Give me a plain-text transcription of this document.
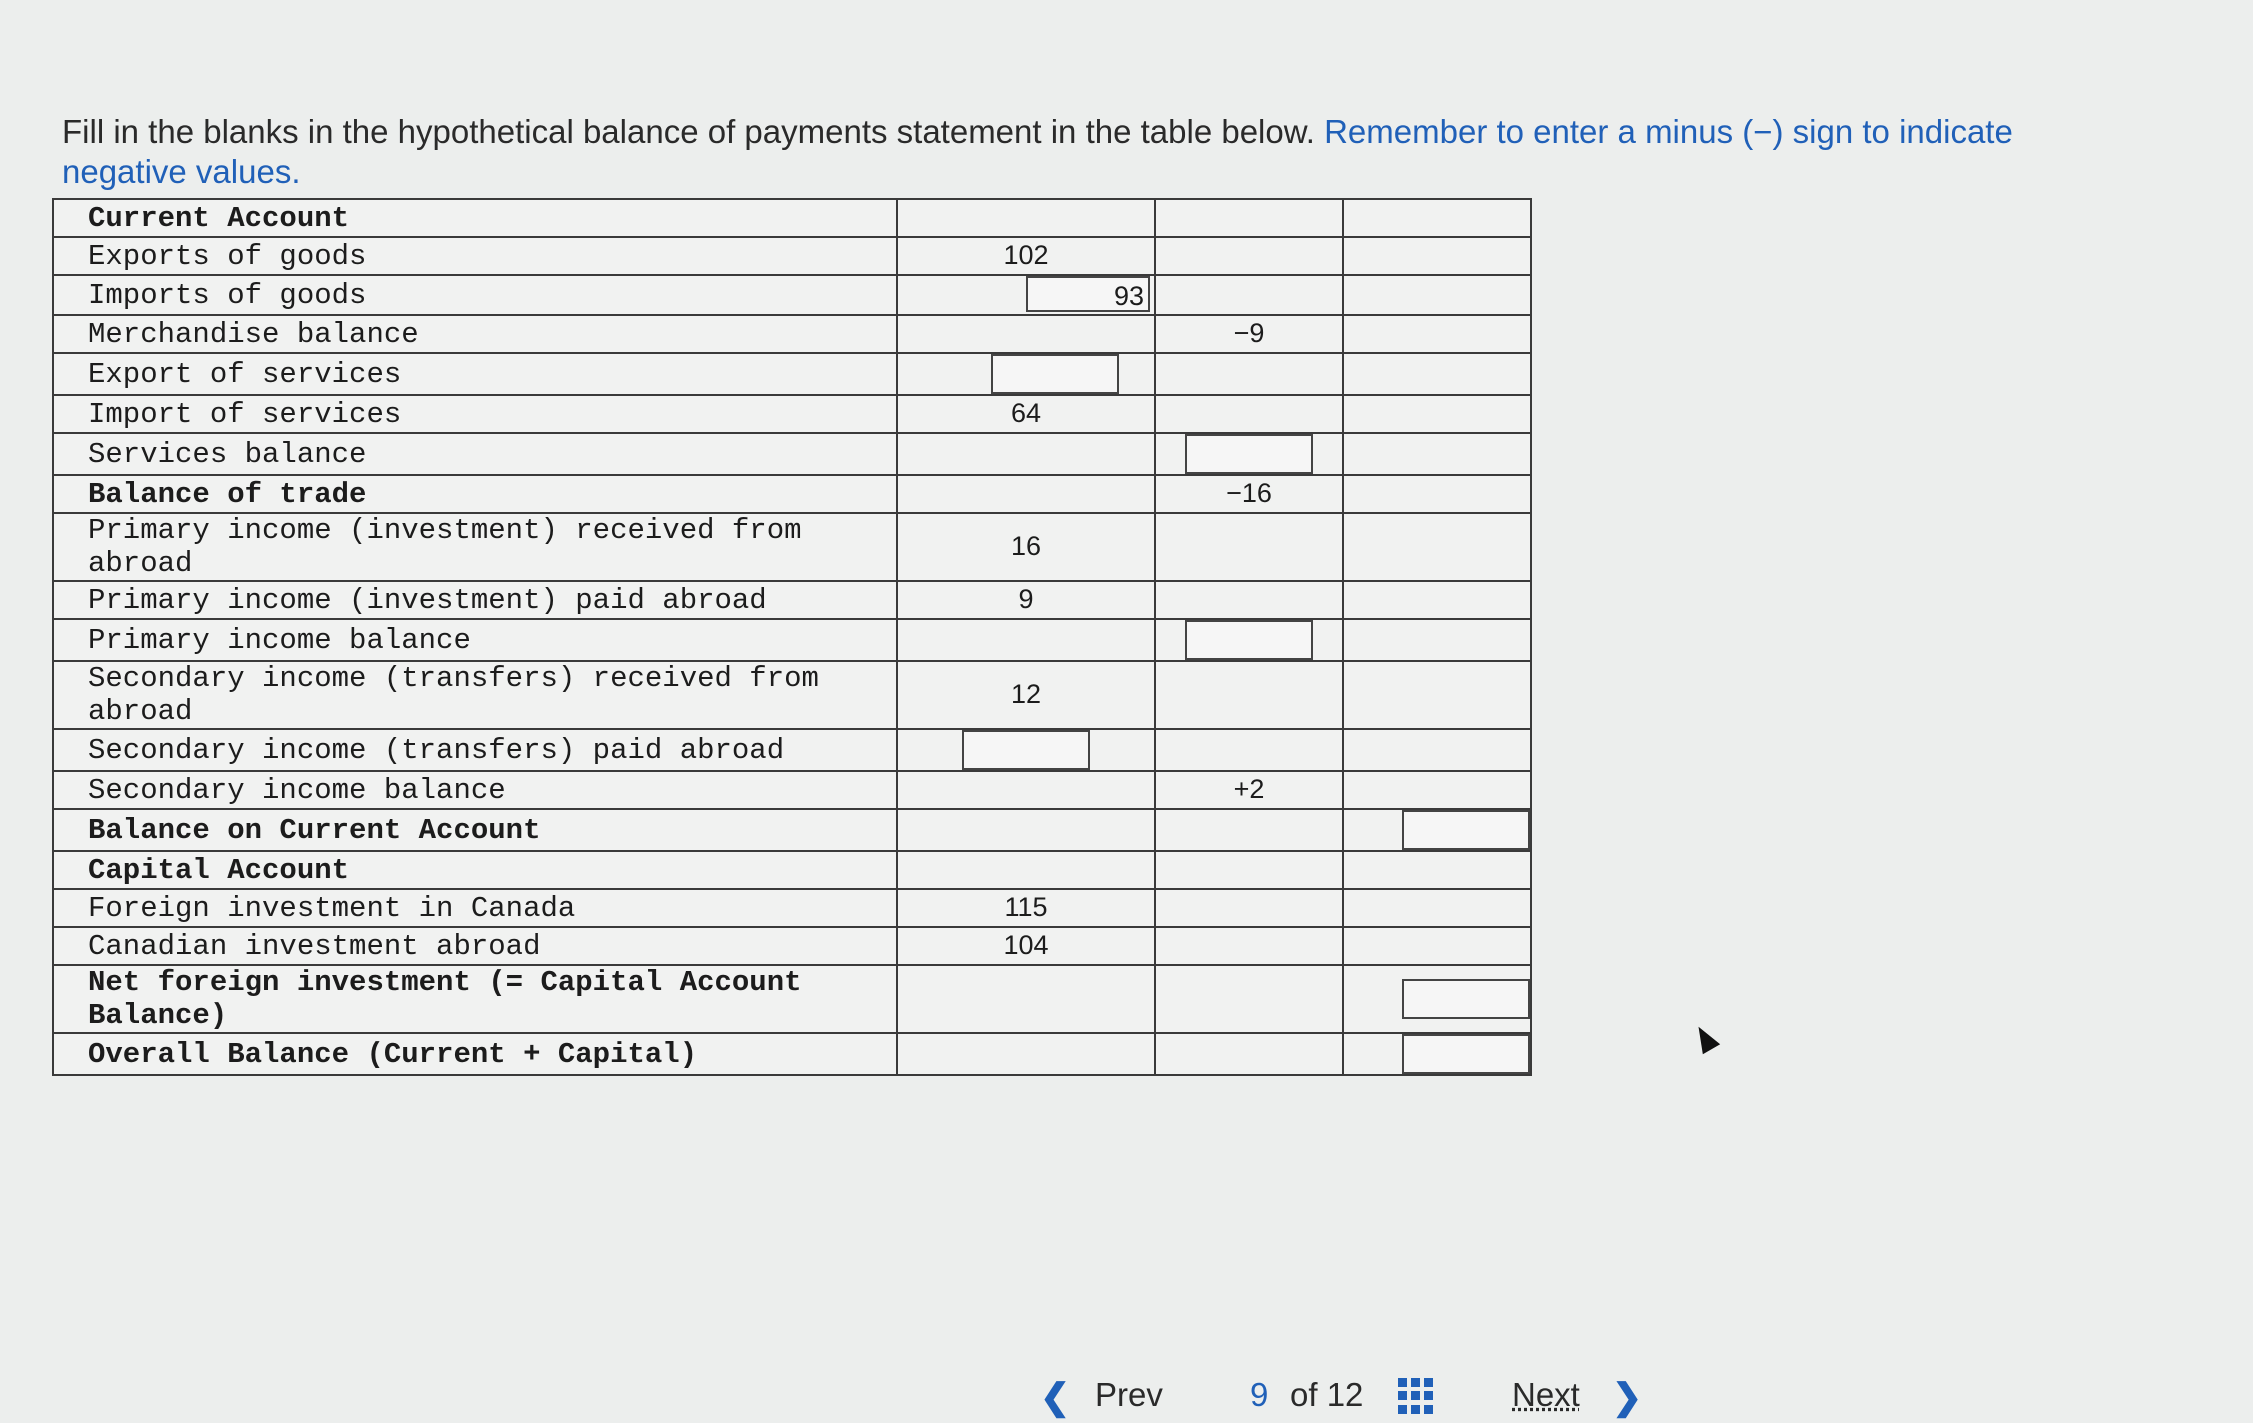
Fill in the blanks in the hypothetical balance of payments statement in the table below. Remember to enter a minus (−) sign to indicate negative values.
Current Account			
Exports of goods	102		
Imports of goods	93		
Merchandise balance		−9	
Export of services			
Import of services	64		
Services balance			
Balance of trade		−16	
Primary income (investment) received from abroad	16		
Primary income (investment) paid abroad	9		
Primary income balance			
Secondary income (transfers) received from abroad	12		
Secondary income (transfers) paid abroad			
Secondary income balance		+2	
Balance on Current Account			
Capital Account			
Foreign investment in Canada	115		
Canadian investment abroad	104		
Net foreign investment (= Capital Account Balance)			
Overall Balance (Current + Capital)			
❮ Prev	9 of 12	Next ❯
